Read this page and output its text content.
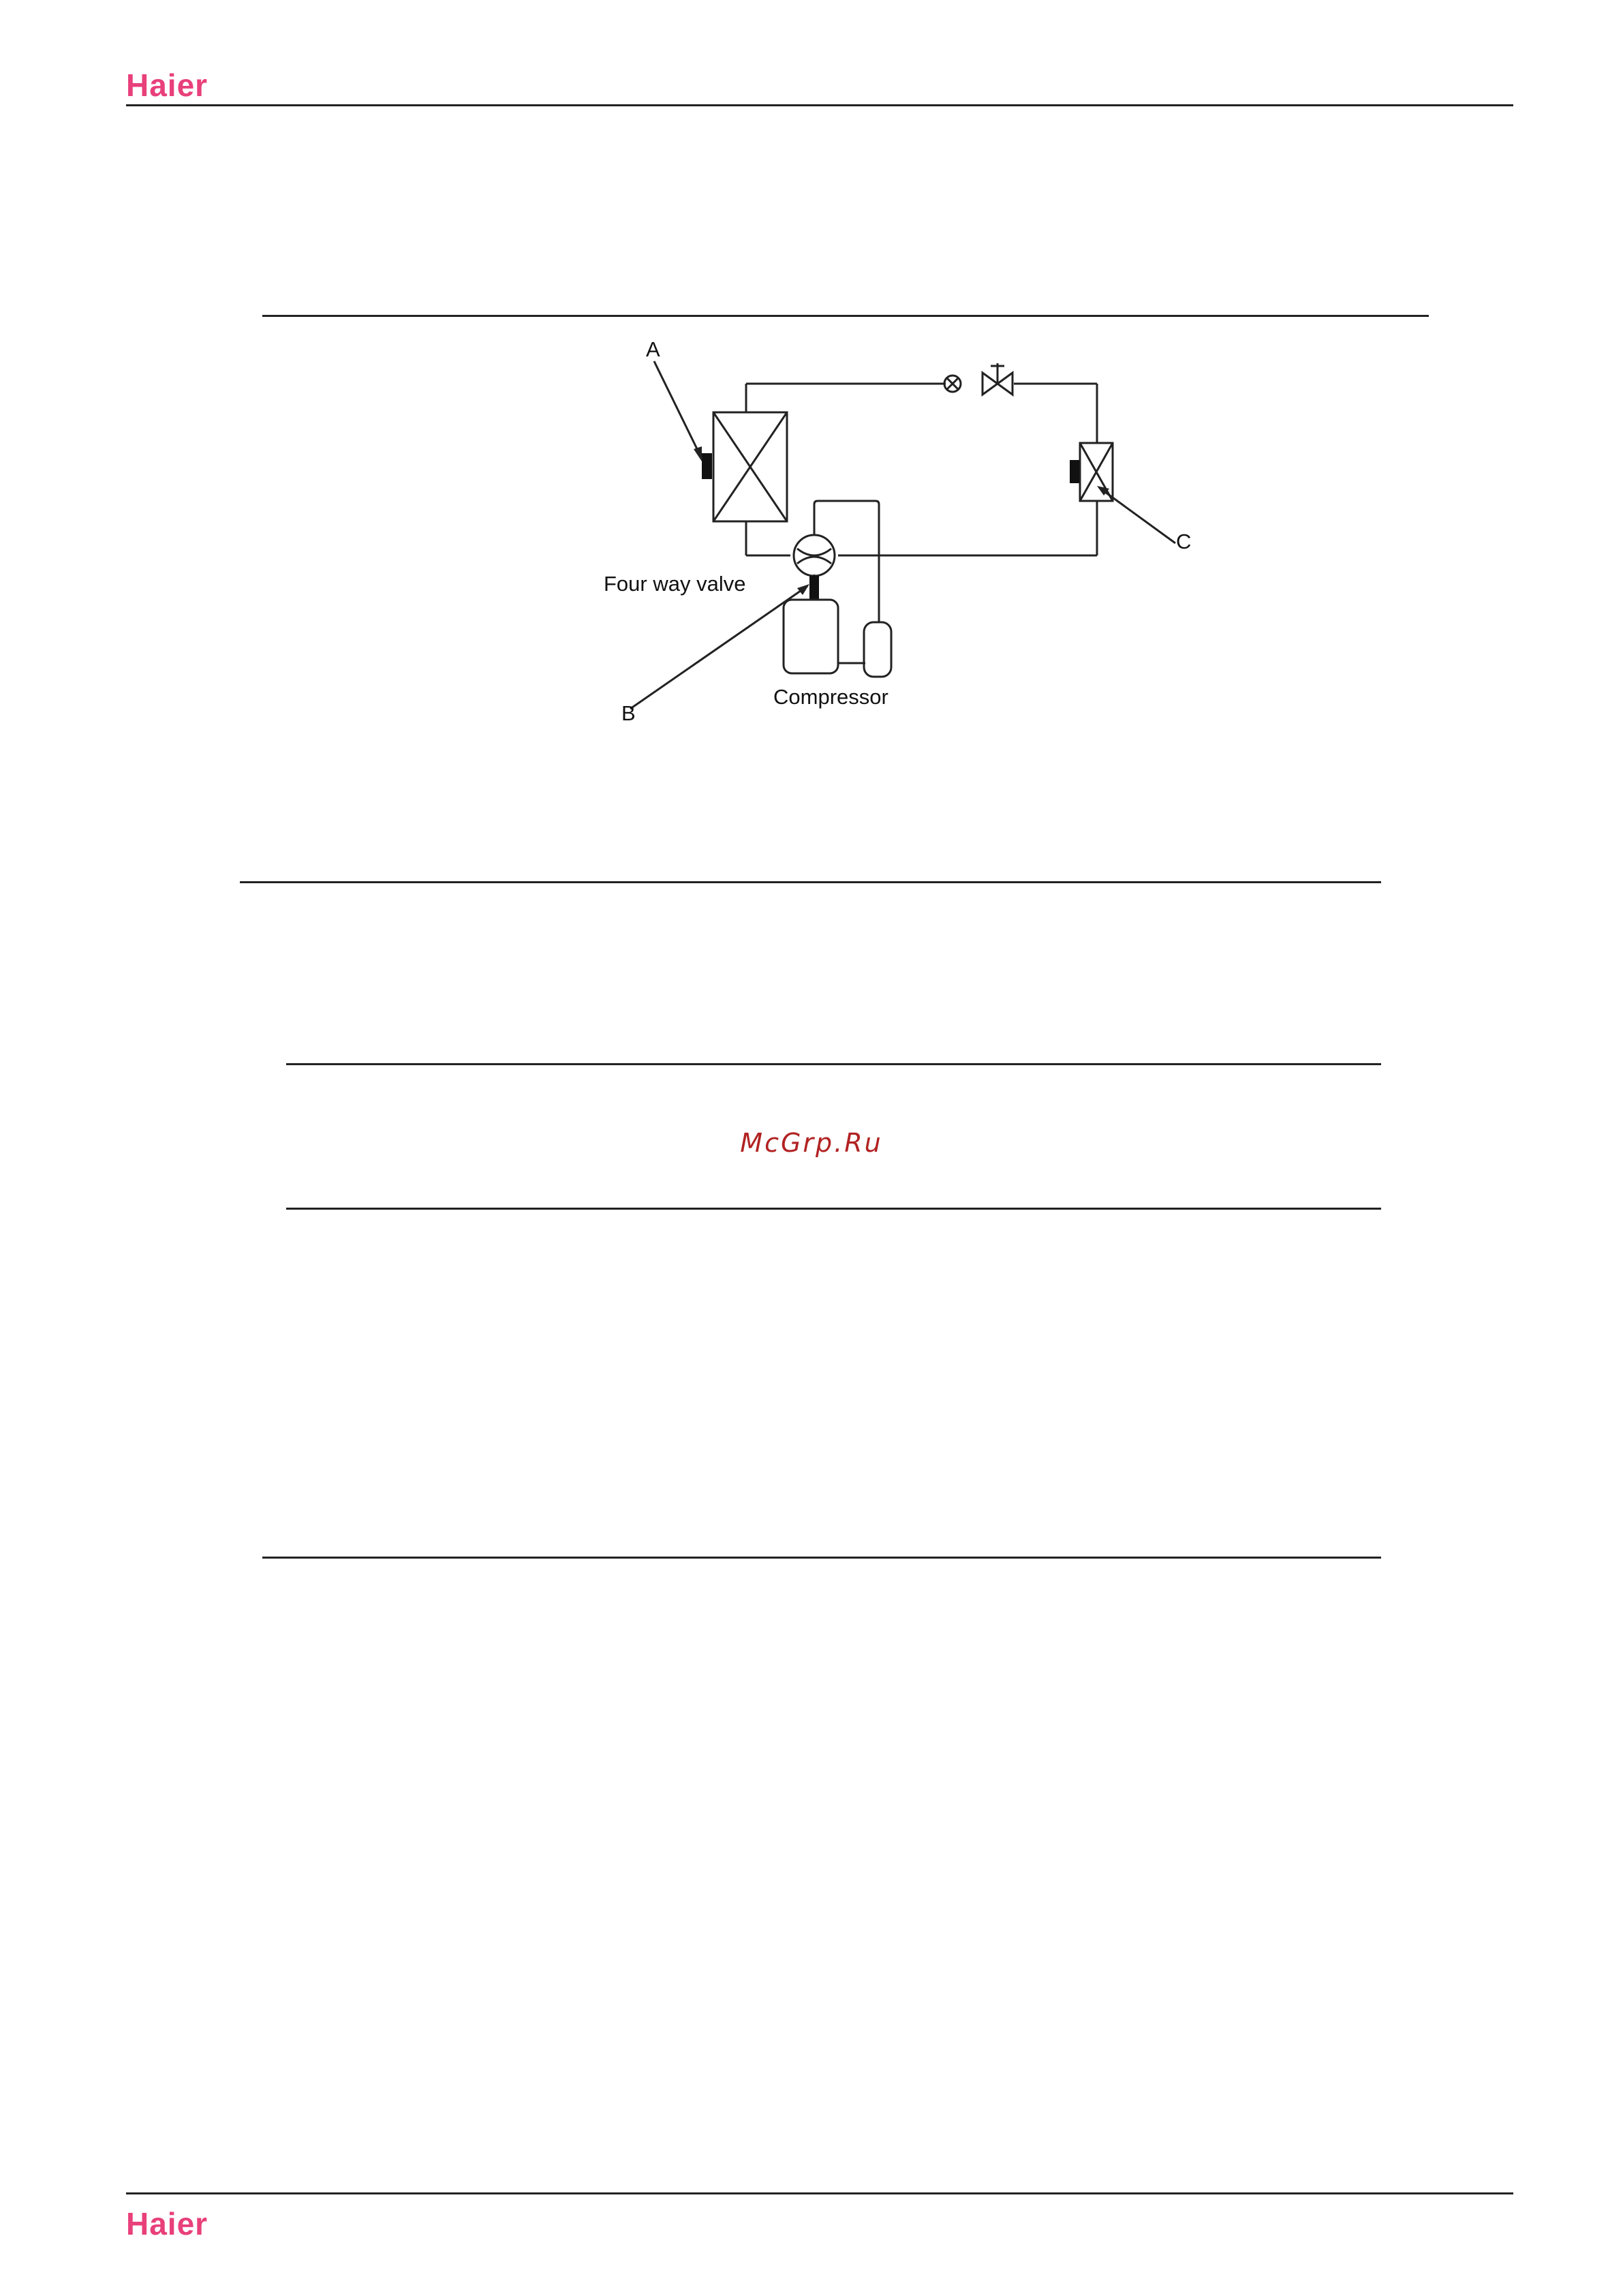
Haier
A
B
C
Four way valve
Compressor
McGrp.Ru
Haier
